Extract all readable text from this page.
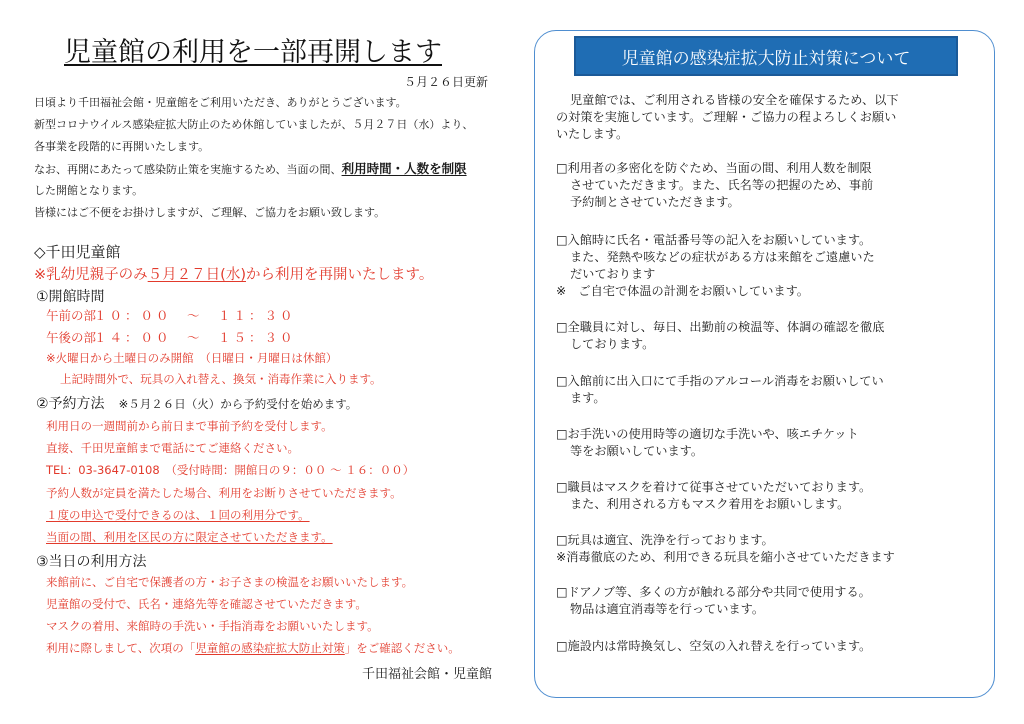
児童館の利用を一部再開します
５月２６日更新
日頃より千田福祉会館・児童館をご利用いただき、ありがとうございます。
新型コロナウイルス感染症拡大防止のため休館していましたが、５月２７日（水）より、
各事業を段階的に再開いたします。
なお、再開にあたって感染防止策を実施するため、当面の間、利用時間・人数を制限
した開館となります。
皆様にはご不便をお掛けしますが、ご理解、ご協力をお願い致します。
◇千田児童館
※乳幼児親子のみ５月２７日(水)から利用を再開いたします。
①開館時間
午前の部１０：００　～　１１：３０
午後の部１４：００　～　１５：３０
※火曜日から土曜日のみ開館　（日曜日・月曜日は休館）
上記時間外で、玩具の入れ替え、換気・消毒作業に入ります。
②予約方法　 ※５月２６日（火）から予約受付を始めます。
利用日の一週間前から前日まで事前予約を受付します。
直接、千田児童館まで電話にてご連絡ください。
TEL：03-3647-0108　（受付時間：開館日の９：００ ～ １６：００）
予約人数が定員を満たした場合、利用をお断りさせていただきます。
１度の申込で受付できるのは、１回の利用分です。
当面の間、利用を区民の方に限定させていただきます。
③当日の利用方法
来館前に、ご自宅で保護者の方・お子さまの検温をお願いいたします。
児童館の受付で、氏名・連絡先等を確認させていただきます。
マスクの着用、来館時の手洗い・手指消毒をお願いいたします。
利用に際しまして、次項の「児童館の感染症拡大防止対策」をご確認ください。
千田福祉会館・児童館
児童館の感染症拡大防止対策について
児童館では、ご利用される皆様の安全を確保するため、以下
の対策を実施しています。ご理解・ご協力の程よろしくお願い
いたします。
□利用者の多密化を防ぐため、当面の間、利用人数を制限
させていただきます。また、氏名等の把握のため、事前
予約制とさせていただきます。
□入館時に氏名・電話番号等の記入をお願いしています。
また、発熱や咳などの症状がある方は来館をご遠慮いた
だいております
※　ご自宅で体温の計測をお願いしています。
□全職員に対し、毎日、出勤前の検温等、体調の確認を徹底
しております。
□入館前に出入口にて手指のアルコール消毒をお願いしてい
ます。
□お手洗いの使用時等の適切な手洗いや、咳エチケット
等をお願いしています。
□職員はマスクを着けて従事させていただいております。
また、利用される方もマスク着用をお願いします。
□玩具は適宜、洗浄を行っております。
※消毒徹底のため、利用できる玩具を縮小させていただきます
□ドアノブ等、多くの方が触れる部分や共同で使用する。
物品は適宜消毒等を行っています。
□施設内は常時換気し、空気の入れ替えを行っています。
